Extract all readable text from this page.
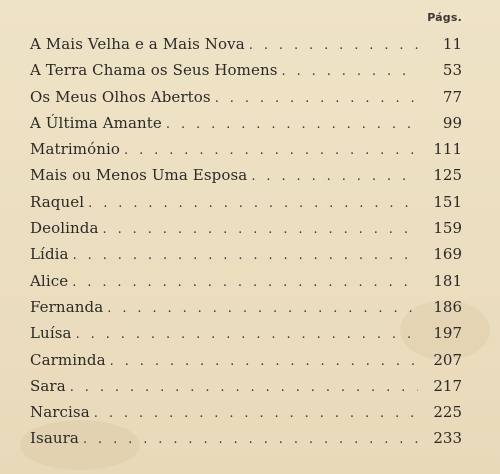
Págs.
A Mais Velha e a Mais Nova . . .	11
A Terra Chama os Seus Homens . . .	53
Os Meus Olhos Abertos . . .	77
A Última Amante . . .	99
Matrimónio . . .	111
Mais ou Menos Uma Esposa . . .	125
Raquel . . .	151
Deolinda . . .	159
Lídia . . .	169
Alice . . .	181
Fernanda . . .	186
Luísa . . .	197
Carminda . . .	207
Sara . . .	217
Narcisa . . .	225
Isaura . . .	233
